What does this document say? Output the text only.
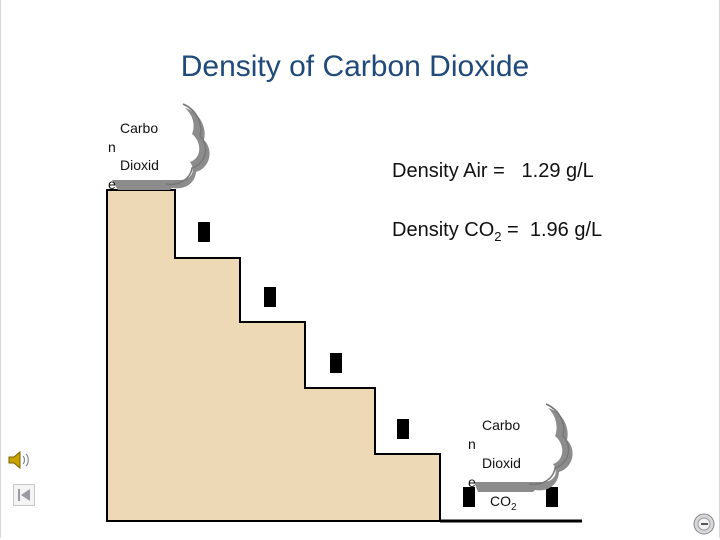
Density of Carbon Dioxide
Density Air =   1.29 g/L
Density $CO_2 = 1.96$ g/L
Carbo
n
Dioxid
e
Carbo
n
Dioxid
e
$CO_2$
